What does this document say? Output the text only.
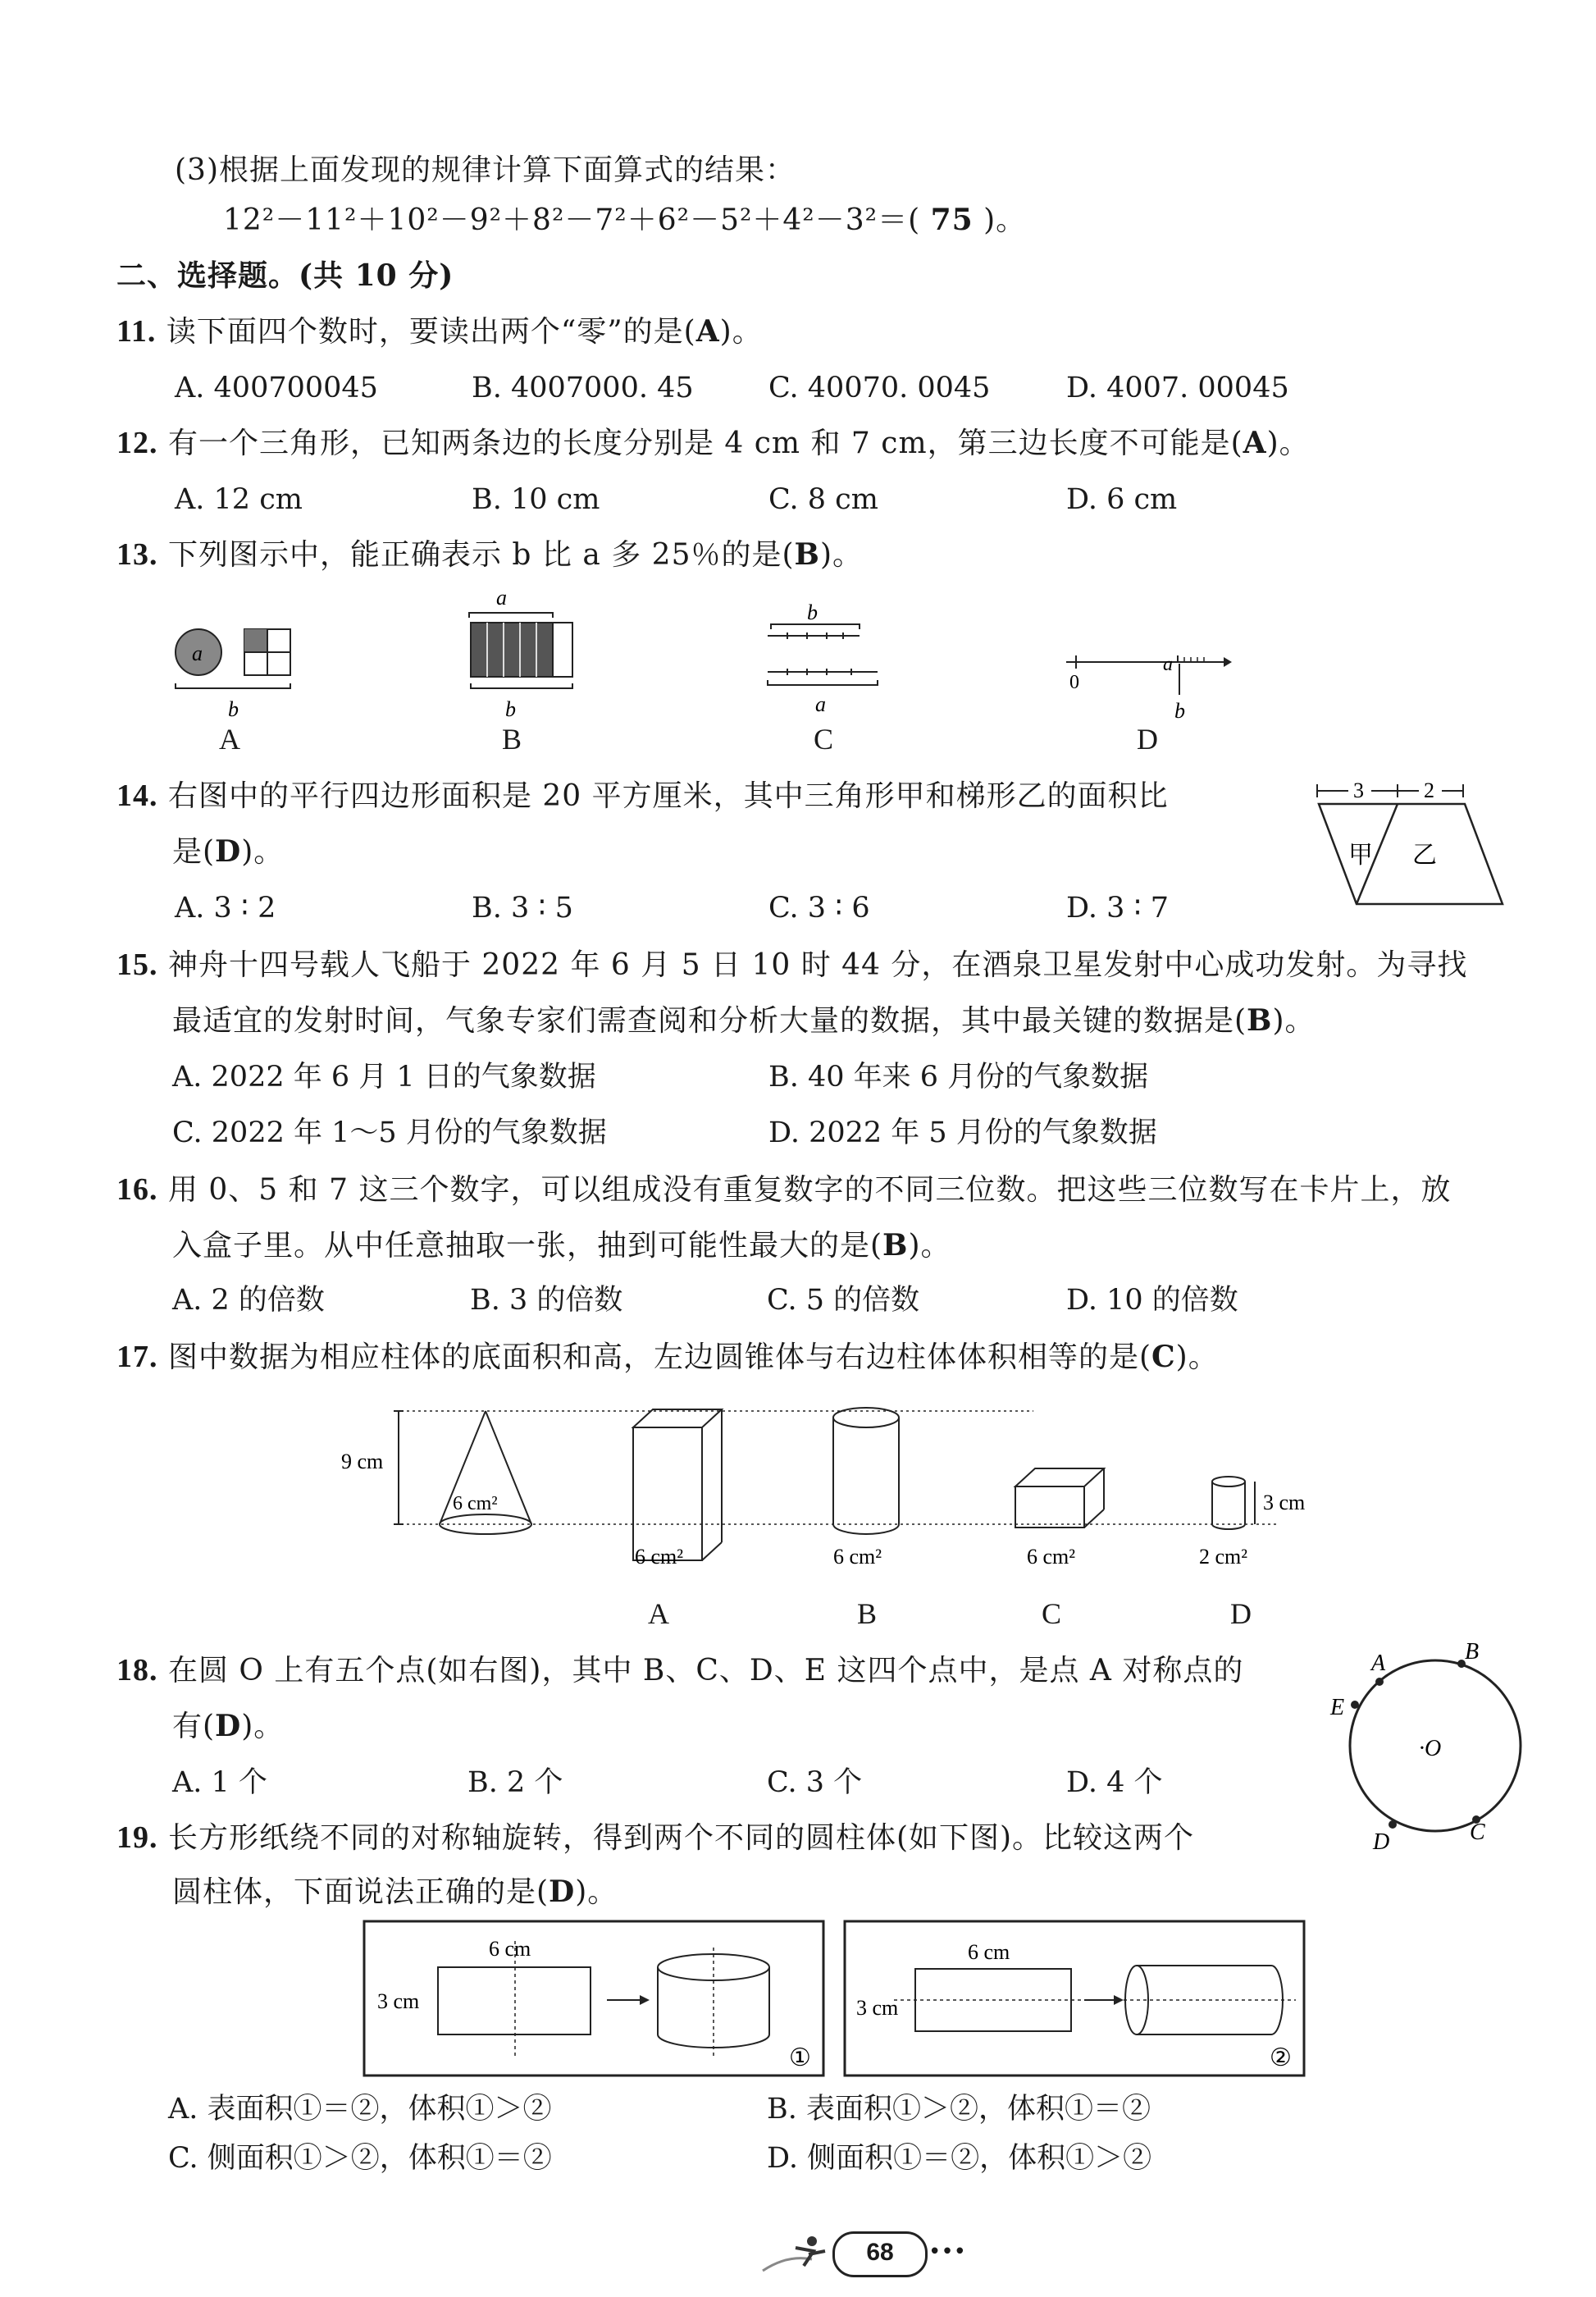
(3)根据上面发现的规律计算下面算式的结果：
12²－11²＋10²－9²＋8²－7²＋6²－5²＋4²－3²＝( 75 )。
二、选择题。(共 10 分)
11. 读下面四个数时，要读出两个“零”的是(A)。
A. 400700045	B. 4007000. 45	C. 40070. 0045	D. 4007. 00045
12. 有一个三角形，已知两条边的长度分别是 4 cm 和 7 cm，第三边长度不可能是(A)。
A. 12 cm	B. 10 cm	C. 8 cm	D. 6 cm
13. 下列图示中，能正确表示 b 比 a 多 25％的是(B)。
a
b
a
b
b
a
0
a
b
A	B	C	D
14. 右图中的平行四边形面积是 20 平方厘米，其中三角形甲和梯形乙的面积比
是(D)。
3	2
甲 乙
A. 3 ∶ 2	B. 3 ∶ 5	C. 3 ∶ 6	D. 3 ∶ 7
15. 神舟十四号载人飞船于 2022 年 6 月 5 日 10 时 44 分，在酒泉卫星发射中心成功发射。为寻找
最适宜的发射时间，气象专家们需查阅和分析大量的数据，其中最关键的数据是(B)。
A. 2022 年 6 月 1 日的气象数据	B. 40 年来 6 月份的气象数据
C. 2022 年 1～5 月份的气象数据	D. 2022 年 5 月份的气象数据
16. 用 0、5 和 7 这三个数字，可以组成没有重复数字的不同三位数。把这些三位数写在卡片上，放
入盒子里。从中任意抽取一张，抽到可能性最大的是(B)。
A. 2 的倍数	B. 3 的倍数	C. 5 的倍数	D. 10 的倍数
17. 图中数据为相应柱体的底面积和高，左边圆锥体与右边柱体体积相等的是(C)。
9 cm
6 cm²
6 cm²	6 cm²	6 cm²
3 cm
2 cm²
A	B	C	D
18. 在圆 O 上有五个点(如右图)，其中 B、C、D、E 这四个点中，是点 A 对称点的
有(D)。
A. 1 个	B. 2 个	C. 3 个	D. 4 个
A	B
E
D	C
·O
19. 长方形纸绕不同的对称轴旋转，得到两个不同的圆柱体(如下图)。比较这两个
圆柱体，下面说法正确的是(D)。
6 cm
3 cm
①
6 cm
3 cm
②
A. 表面积①＝②，体积①＞②	B. 表面积①＞②，体积①＝②
C. 侧面积①＞②，体积①＝②	D. 侧面积①＝②，体积①＞②
68	•••
